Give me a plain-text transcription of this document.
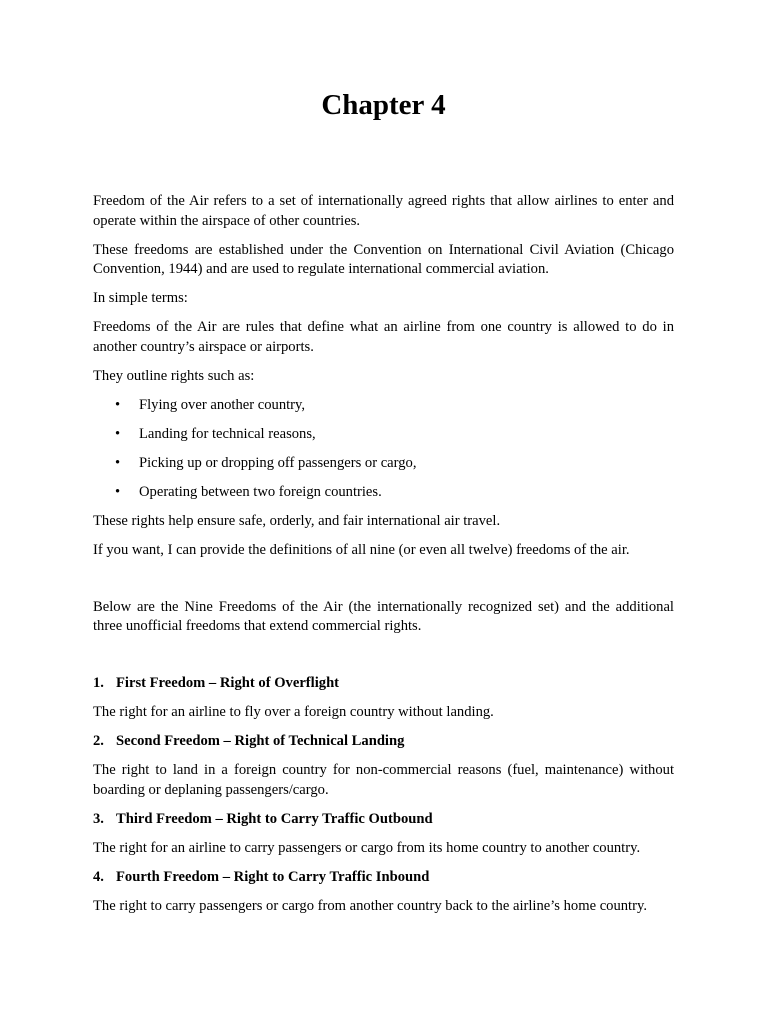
Chapter 4

Freedom of the Air refers to a set of internationally agreed rights that allow airlines to enter and operate within the airspace of other countries.

These freedoms are established under the Convention on International Civil Aviation (Chicago Convention, 1944) and are used to regulate international commercial aviation.

In simple terms:

Freedoms of the Air are rules that define what an airline from one country is allowed to do in another country’s airspace or airports.

They outline rights such as:

• Flying over another country,
• Landing for technical reasons,
• Picking up or dropping off passengers or cargo,
• Operating between two foreign countries.

These rights help ensure safe, orderly, and fair international air travel.

If you want, I can provide the definitions of all nine (or even all twelve) freedoms of the air.

Below are the Nine Freedoms of the Air (the internationally recognized set) and the additional three unofficial freedoms that extend commercial rights.

1. First Freedom – Right of Overflight

The right for an airline to fly over a foreign country without landing.

2. Second Freedom – Right of Technical Landing

The right to land in a foreign country for non-commercial reasons (fuel, maintenance) without boarding or deplaning passengers/cargo.

3. Third Freedom – Right to Carry Traffic Outbound

The right for an airline to carry passengers or cargo from its home country to another country.

4. Fourth Freedom – Right to Carry Traffic Inbound

The right to carry passengers or cargo from another country back to the airline’s home country.
